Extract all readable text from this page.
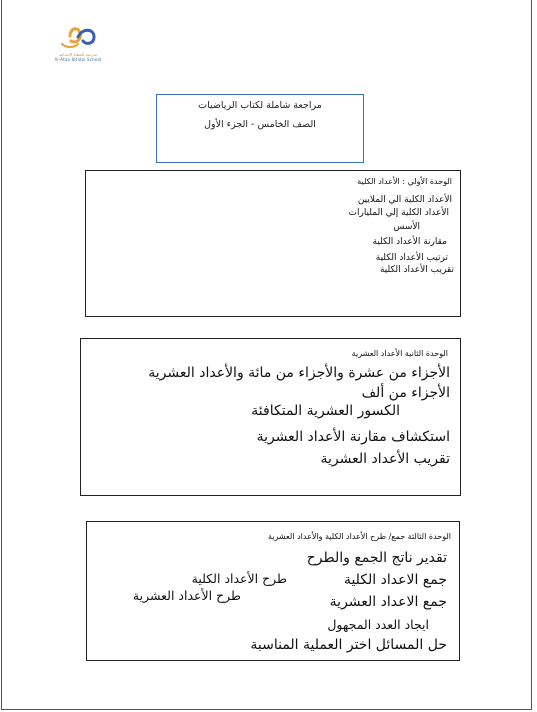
مدرسة العطاء الابتدائية
Al-Ataa Ibtidai School
مراجعة شاملة لكتاب الرياضيات
الصف الخامس - الجزء الأول
الوحدة الأولي : الأعداد الكلية
الأعداد الكلية الي الملايين
الأعداد الكلية إلي المليارات
الأسس
مقارنة الأعداد الكلية
ترتيب الأعداد الكلية
تقريب الأعداد الكلية
الوحدة الثانية الأعداد العشرية
الأجزاء من عشرة والأجزاء من مائة والأعداد العشرية
الأجزاء من ألف
الكسور العشرية المتكافئة
استكشاف مقارنة الأعداد العشرية
تقريب الأعداد العشرية
الوحدة الثالثة جمع/ طرح الأعداد الكلية والأعداد العشرية
تقدير ناتج الجمع والطرح
جمع الاعداد الكلية
جمع الاعداد العشرية
ايجاد العدد المجهول
حل المسائل اختر العملية المناسبة
طرح الأعداد الكلية
طرح الأعداد العشرية
